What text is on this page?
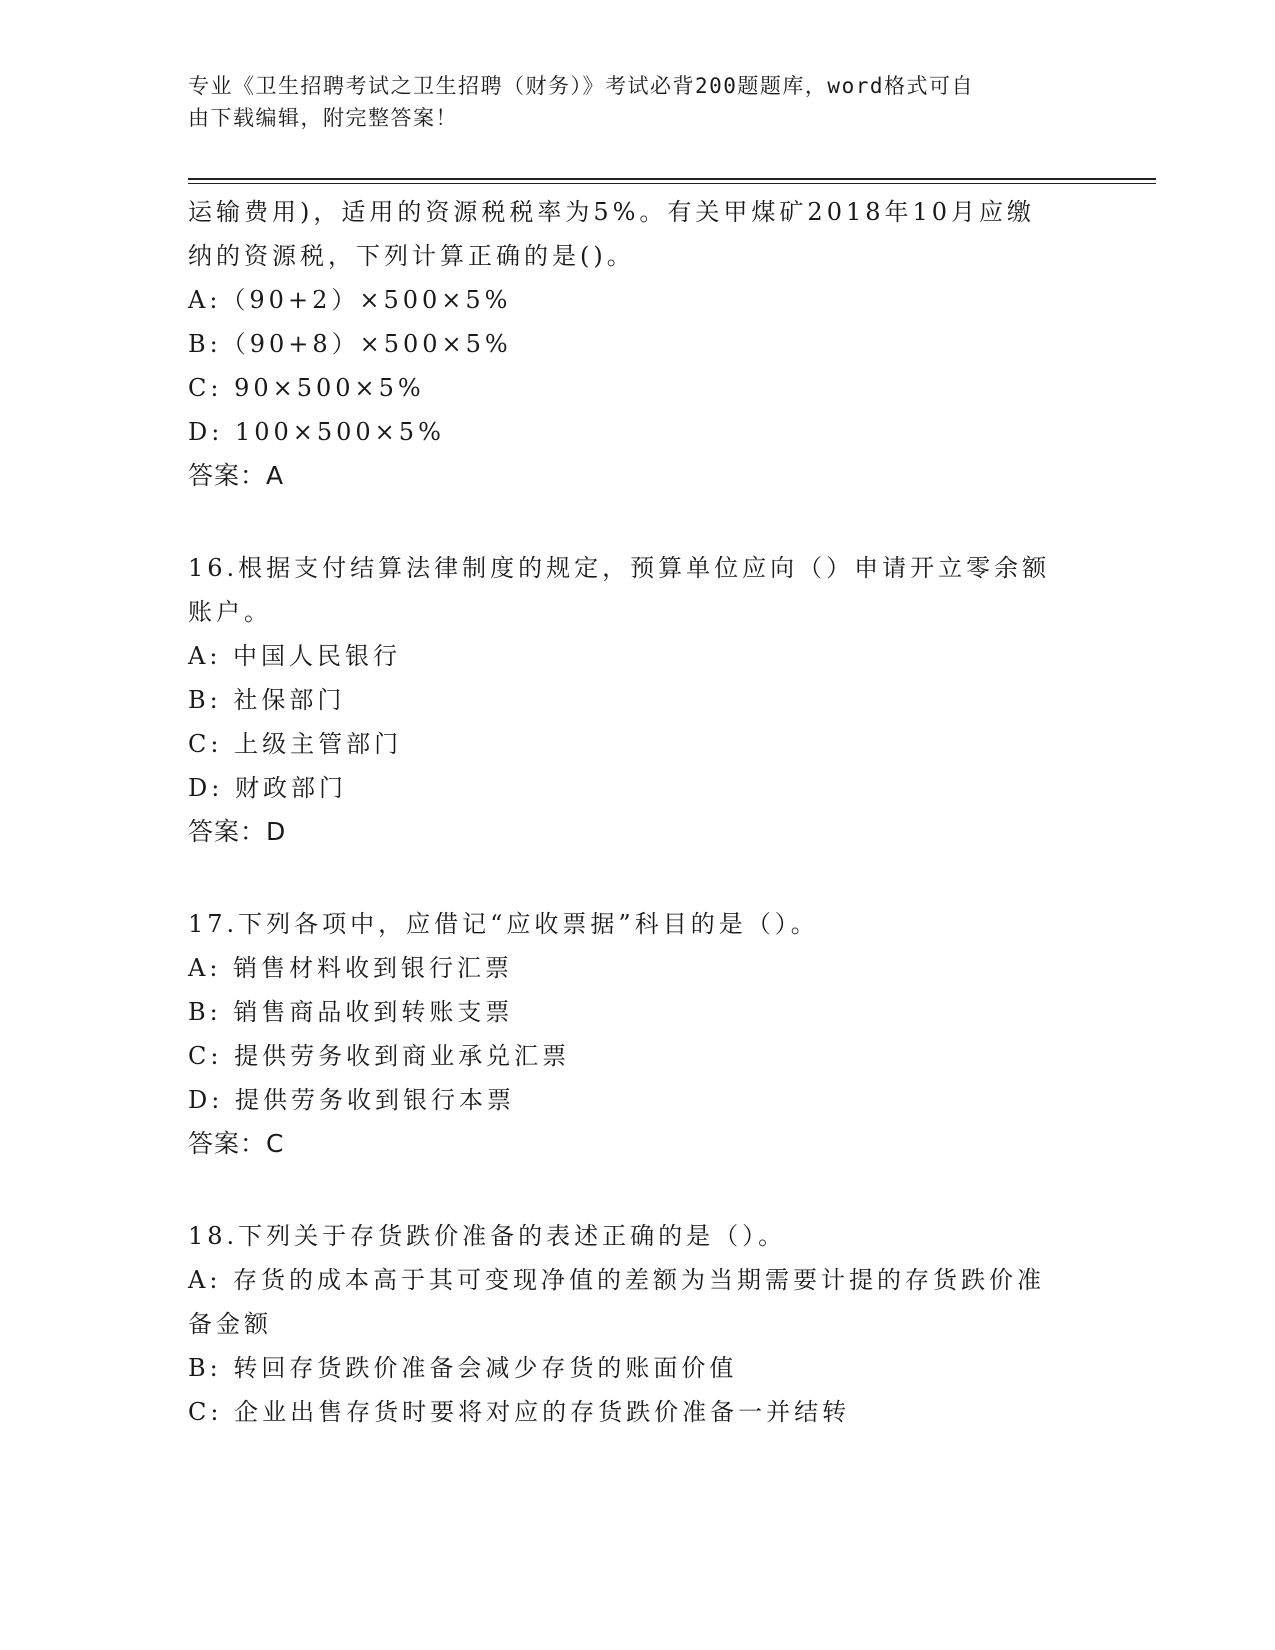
专业《卫生招聘考试之卫生招聘（财务）》考试必背200题题库，word格式可自
由下载编辑，附完整答案！
运输费用)，适用的资源税税率为5%。有关甲煤矿2018年10月应缴
纳的资源税，下列计算正确的是()。
A:（90+2）×500×5%
B:（90+8）×500×5%
C: 90×500×5%
D: 100×500×5%
答案：A
16.根据支付结算法律制度的规定，预算单位应向（）申请开立零余额
账户。
A: 中国人民银行
B: 社保部门
C: 上级主管部门
D: 财政部门
答案：D
17.下列各项中，应借记“应收票据”科目的是（）。
A: 销售材料收到银行汇票
B: 销售商品收到转账支票
C: 提供劳务收到商业承兑汇票
D: 提供劳务收到银行本票
答案：C
18.下列关于存货跌价准备的表述正确的是（）。
A: 存货的成本高于其可变现净值的差额为当期需要计提的存货跌价准
备金额
B: 转回存货跌价准备会减少存货的账面价值
C: 企业出售存货时要将对应的存货跌价准备一并结转
